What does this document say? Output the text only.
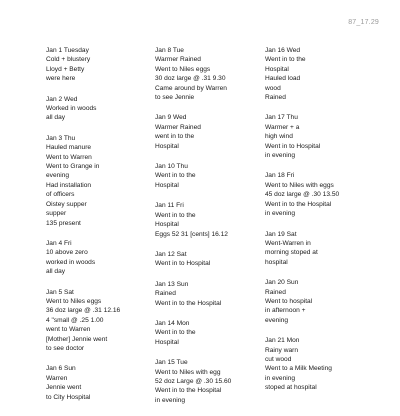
87_17.29
Jan 1 Tuesday
Cold + blustery
Lloyd + Betty
were here
Jan 2 Wed
Worked in woods
all day
Jan 3 Thu
Hauled manure
Went to Warren
Went to Grange in
evening
Had installation
of officers
Oistey supper
supper
135 present
Jan 4 Fri
10 above zero
worked in woods
all day
Jan 5 Sat
Went to Niles eggs
36 doz large @ .31 12.16
4 "small @ .25 1.00
went to Warren
[Mother] Jennie went
to see doctor
Jan 6 Sun
Warren
Jennie went
to City Hospital
Jan 8 Tue
Warmer Rained
Went to Niles eggs
30 doz large @ .31 9.30
Came around by Warren
to see Jennie
Jan 9 Wed
Warmer Rained
went in to the
Hospital
Jan 10 Thu
Went in to the
Hospital
Jan 11 Fri
Went in to the
Hospital
Eggs 52 31 [cents] 16.12
Jan 12 Sat
Went in to Hospital
Jan 13 Sun
Rained
Went in to the Hospital
Jan 14 Mon
Went in to the
Hospital
Jan 15 Tue
Went to Niles with egg
52 doz Large @ .30 15.60
Went in to the Hospital
in evening
Jan 16 Wed
Went in to the
Hospital
Hauled load
wood
Rained
Jan 17 Thu
Warmer + a
high wind
Went in to Hospital
in evening
Jan 18 Fri
Went to Niles with eggs
45 doz large @ .30 13.50
Went in to the Hospital
in evening
Jan 19 Sat
Went-Warren in
morning stoped at
hospital
Jan 20 Sun
Rained
Went to hospital
in afternoon +
evening
Jan 21 Mon
Rainy warn
cut wood
Went to a Milk Meeting
in evening
stoped at hospital
